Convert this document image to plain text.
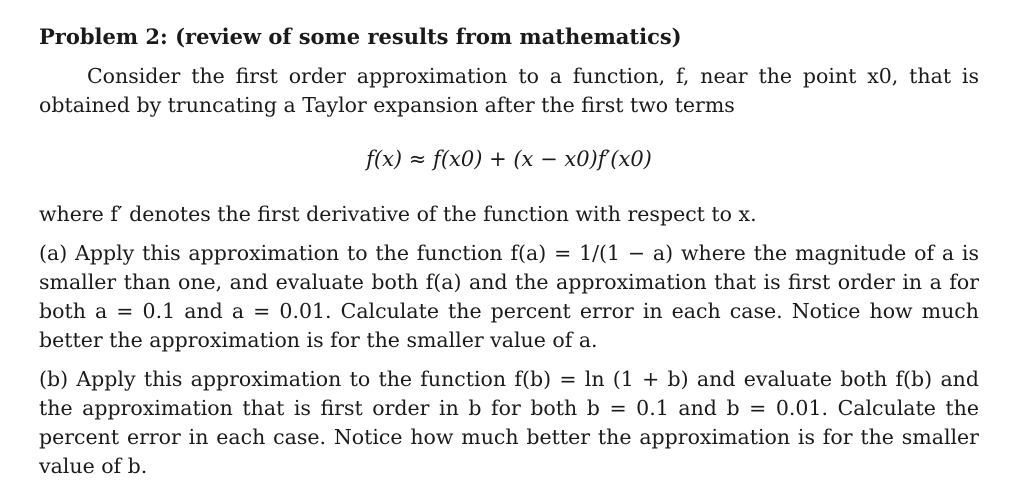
Problem 2: (review of some results from mathematics)

Consider the first order approximation to a function, f, near the point x0, that is obtained by truncating a Taylor expansion after the first two terms

f(x) ≈ f(x0) + (x − x0)f′(x0)

where f′ denotes the first derivative of the function with respect to x.

(a) Apply this approximation to the function f(a) = 1/(1 − a) where the magnitude of a is smaller than one, and evaluate both f(a) and the approximation that is first order in a for both a = 0.1 and a = 0.01. Calculate the percent error in each case. Notice how much better the approximation is for the smaller value of a.

(b) Apply this approximation to the function f(b) = ln (1 + b) and evaluate both f(b) and the approximation that is first order in b for both b = 0.1 and b = 0.01. Calculate the percent error in each case. Notice how much better the approximation is for the smaller value of b.
